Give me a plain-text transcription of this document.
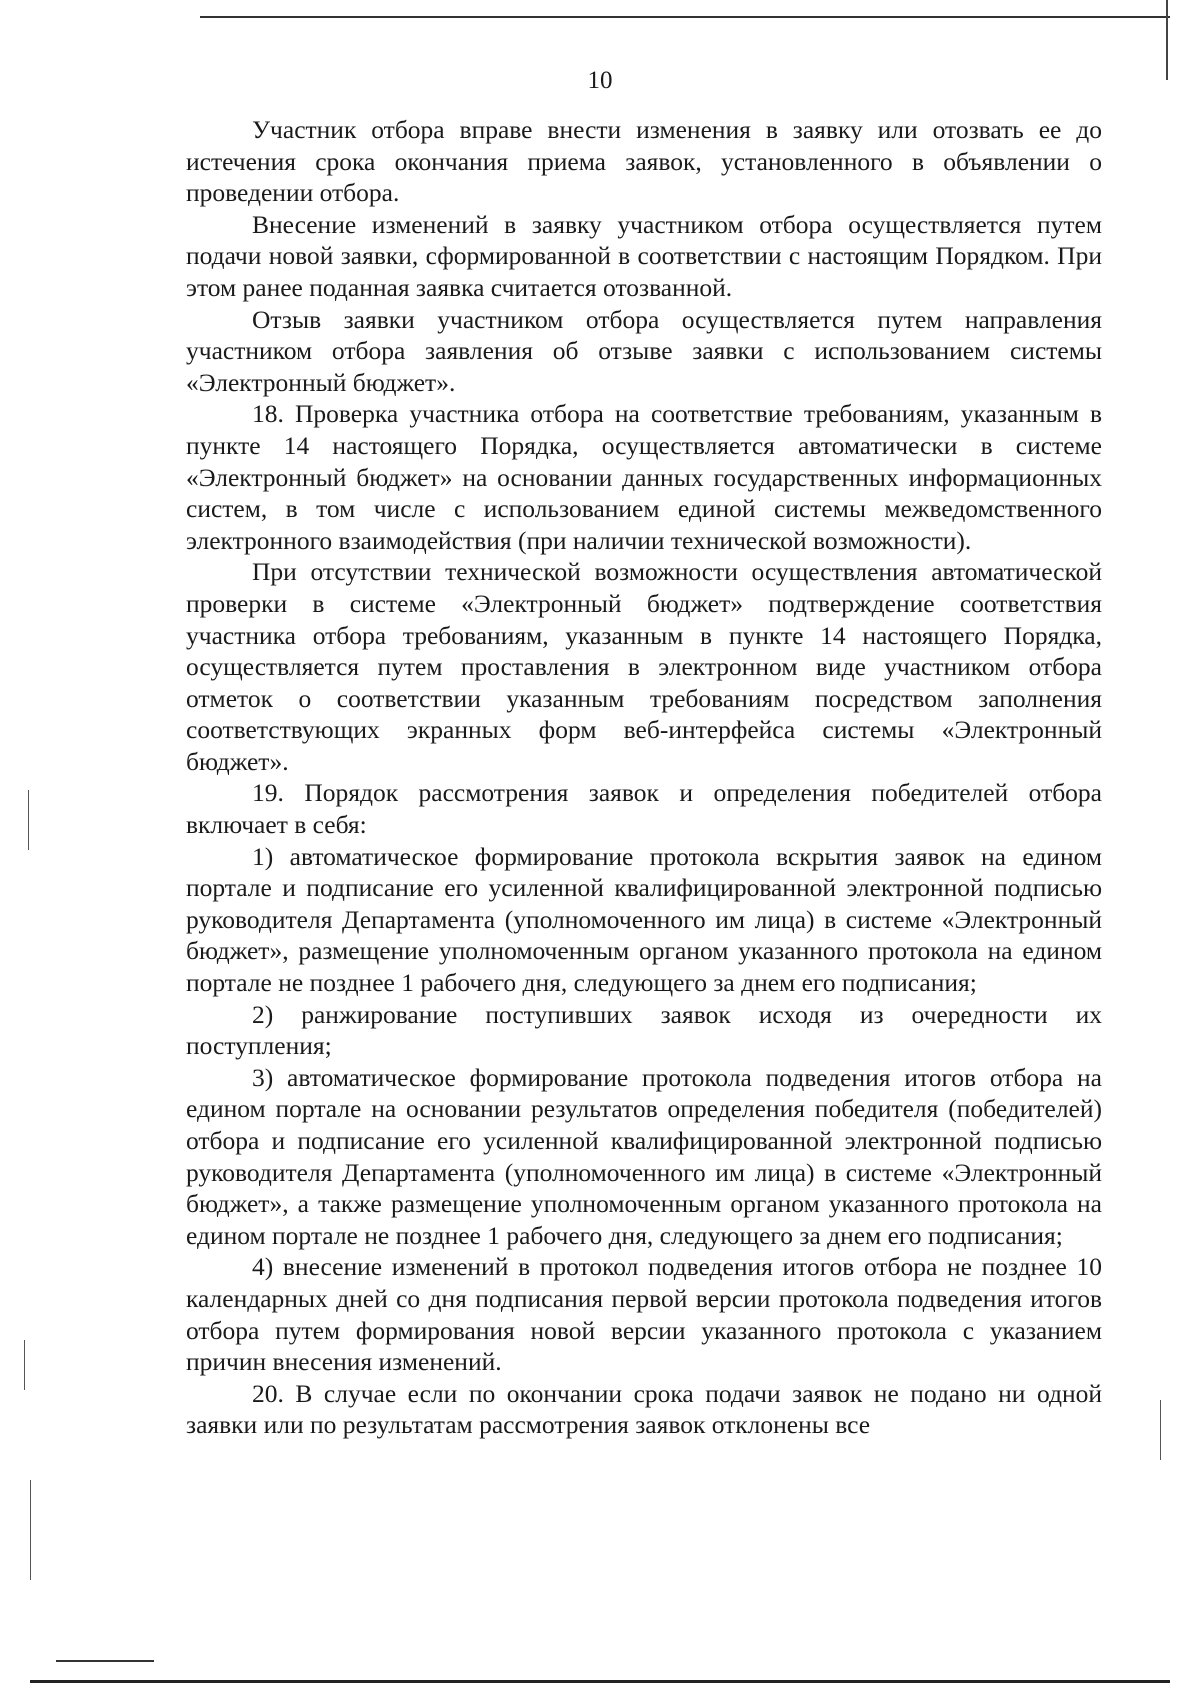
10

Участник отбора вправе внести изменения в заявку или отозвать ее до истечения срока окончания приема заявок, установленного в объявлении о проведении отбора.

Внесение изменений в заявку участником отбора осуществляется путем подачи новой заявки, сформированной в соответствии с настоящим Порядком. При этом ранее поданная заявка считается отозванной.

Отзыв заявки участником отбора осуществляется путем направления участником отбора заявления об отзыве заявки с использованием системы «Электронный бюджет».

18. Проверка участника отбора на соответствие требованиям, указанным в пункте 14 настоящего Порядка, осуществляется автоматически в системе «Электронный бюджет» на основании данных государственных информационных систем, в том числе с использованием единой системы межведомственного электронного взаимодействия (при наличии технической возможности).

При отсутствии технической возможности осуществления автоматической проверки в системе «Электронный бюджет» подтверждение соответствия участника отбора требованиям, указанным в пункте 14 настоящего Порядка, осуществляется путем проставления в электронном виде участником отбора отметок о соответствии указанным требованиям посредством заполнения соответствующих экранных форм веб-интерфейса системы «Электронный бюджет».

19. Порядок рассмотрения заявок и определения победителей отбора включает в себя:

1) автоматическое формирование протокола вскрытия заявок на едином портале и подписание его усиленной квалифицированной электронной подписью руководителя Департамента (уполномоченного им лица) в системе «Электронный бюджет», размещение уполномоченным органом указанного протокола на едином портале не позднее 1 рабочего дня, следующего за днем его подписания;

2) ранжирование поступивших заявок исходя из очередности их поступления;

3) автоматическое формирование протокола подведения итогов отбора на едином портале на основании результатов определения победителя (победителей) отбора и подписание его усиленной квалифицированной электронной подписью руководителя Департамента (уполномоченного им лица) в системе «Электронный бюджет», а также размещение уполномоченным органом указанного протокола на едином портале не позднее 1 рабочего дня, следующего за днем его подписания;

4) внесение изменений в протокол подведения итогов отбора не позднее 10 календарных дней со дня подписания первой версии протокола подведения итогов отбора путем формирования новой версии указанного протокола с указанием причин внесения изменений.

20. В случае если по окончании срока подачи заявок не подано ни одной заявки или по результатам рассмотрения заявок отклонены все
